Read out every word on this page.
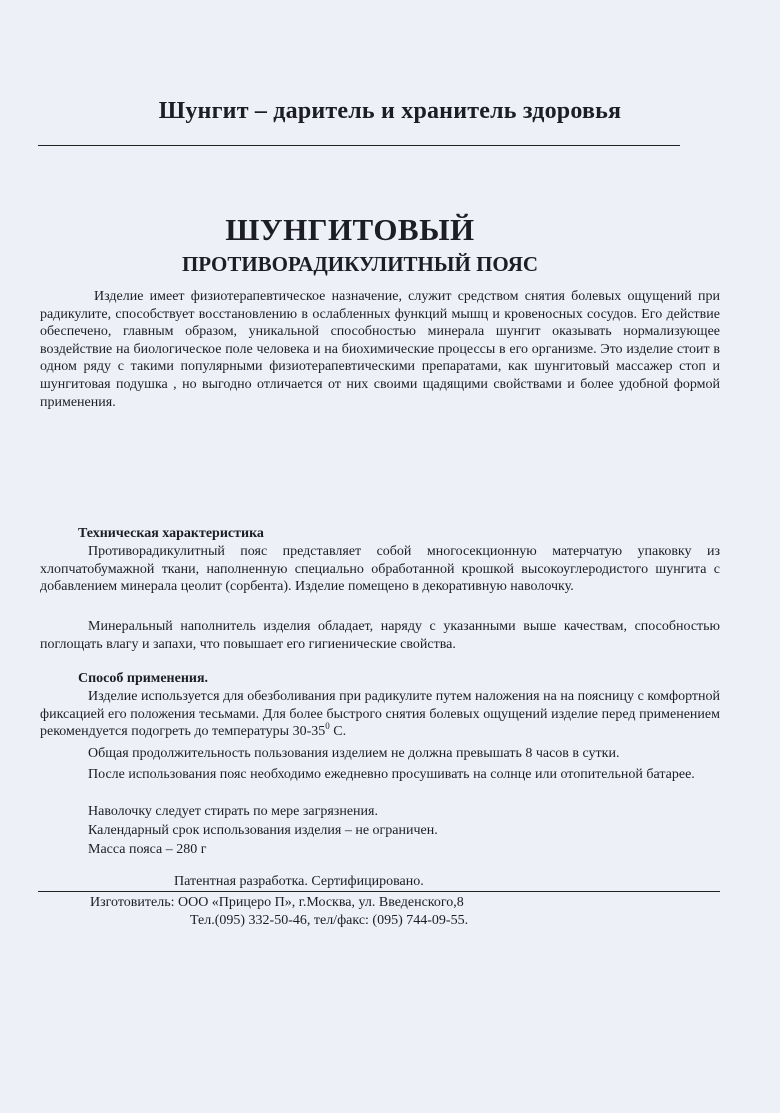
Шунгит – даритель и хранитель здоровья
ШУНГИТОВЫЙ
ПРОТИВОРАДИКУЛИТНЫЙ ПОЯС
Изделие имеет физиотерапевтическое назначение, служит средством снятия болевых ощущений при радикулите, способствует восстановлению в ослабленных функций мышц и кровеносных сосудов. Его действие обеспечено, главным образом, уникальной способностью минерала шунгит оказывать нормализующее воздействие на биологическое поле человека и на биохимические процессы в его организме. Это изделие стоит в одном ряду с такими популярными физиотерапевтическими препаратами, как шунгитовый массажер стоп и шунгитовая подушка , но выгодно отличается от них своими щадящими свойствами и более удобной формой применения.
Техническая характеристика
Противорадикулитный пояс представляет собой многосекционную матерчатую упаковку из хлопчатобумажной ткани, наполненную специально обработанной крошкой высокоуглеродистого шунгита с добавлением минерала цеолит (сорбента). Изделие помещено в декоративную наволочку.
Минеральный наполнитель изделия обладает, наряду с указанными выше качествам, способностью поглощать влагу и запахи, что повышает его гигиенические свойства.
Способ применения.
Изделие используется для обезболивания при радикулите путем наложения на на поясницу с комфортной фиксацией его положения тесьмами. Для более быстрого снятия болевых ощущений изделие перед применением рекомендуется подогреть до температуры $30-35^0$ С.
Общая продолжительность пользования изделием не должна превышать 8 часов в сутки.
После использования пояс необходимо ежедневно просушивать на солнце или отопительной батарее.
Наволочку следует стирать по мере загрязнения.
Календарный срок использования изделия – не ограничен.
Масса пояса – 280 г
Патентная разработка. Сертифицировано.
Изготовитель: ООО «Прицеро П», г.Москва, ул. Введенского,8
Тел.(095) 332-50-46, тел/факс: (095) 744-09-55.
